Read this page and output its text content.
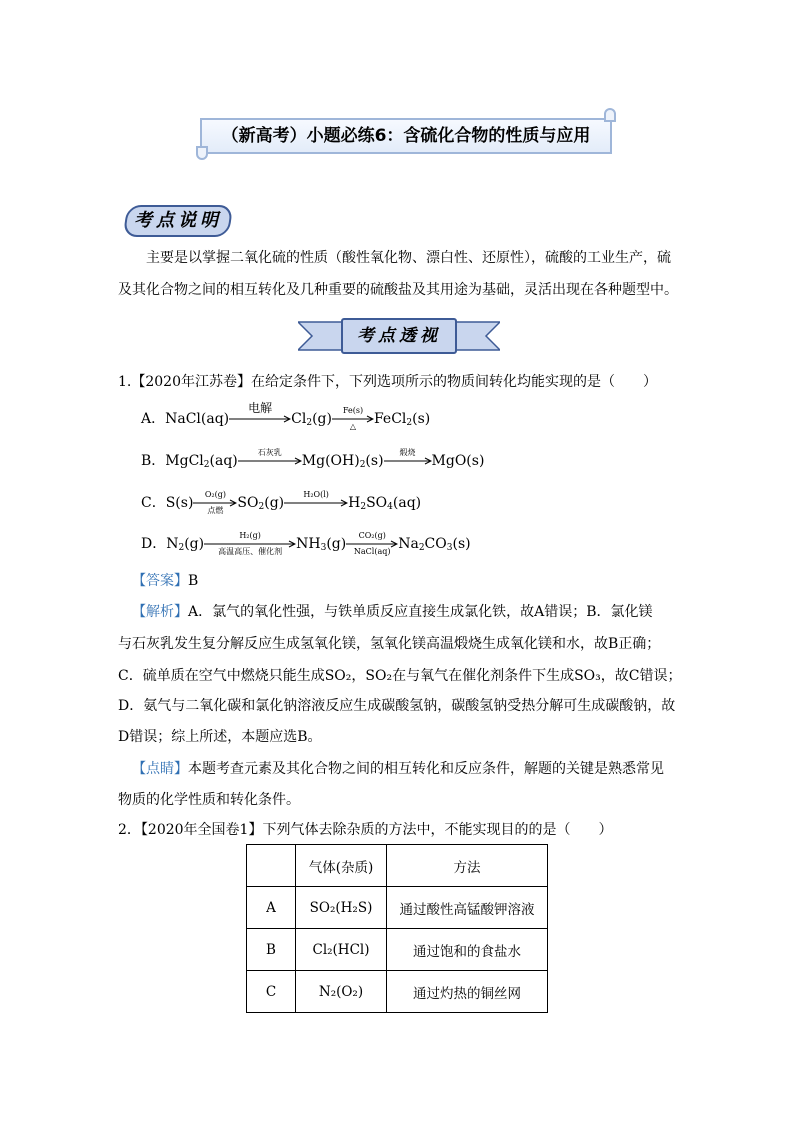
（新高考）小题必练6：含硫化合物的性质与应用
考点说明
主要是以掌握二氧化硫的性质（酸性氧化物、漂白性、还原性），硫酸的工业生产，硫
及其化合物之间的相互转化及几种重要的硫酸盐及其用途为基础，灵活出现在各种题型中。
考点透视
1.【2020年江苏卷】在给定条件下，下列选项所示的物质间转化均能实现的是（　　）
A．NaCl(aq)
电解
$Cl_2(g)$
Fe(s)
△	FeCl$_2$(s)
B．MgCl$_2$(aq)
石灰乳
$Mg(OH)_2(s)$
煅烧
MgO(s)
C．S(s)
O₂(g)
点燃	$SO_2(g)$
H₂O(l)
$H_2SO_4(aq)$
D．$N_2(g)$
H₂(g)
高温高压、催化剂	$NH_3(g)$
CO₂(g)
NaCl(aq) $Na_2CO_3(s)$
【答案】B
【解析】A．氯气的氧化性强，与铁单质反应直接生成氯化铁，故A错误；B．氯化镁
与石灰乳发生复分解反应生成氢氧化镁，氢氧化镁高温煅烧生成氧化镁和水，故B正确；
C．硫单质在空气中燃烧只能生成SO₂，SO₂在与氧气在催化剂条件下生成SO₃，故C错误；
D．氨气与二氧化碳和氯化钠溶液反应生成碳酸氢钠，碳酸氢钠受热分解可生成碳酸钠，故
D错误；综上所述，本题应选B。
【点睛】本题考查元素及其化合物之间的相互转化和反应条件，解题的关键是熟悉常见
物质的化学性质和转化条件。
2．【2020年全国卷1】下列气体去除杂质的方法中，不能实现目的的是（　　）
	气体(杂质)	方法
A	SO₂(H₂S)	通过酸性高锰酸钾溶液
B	Cl₂(HCl)	通过饱和的食盐水
C	N₂(O₂)	通过灼热的铜丝网
